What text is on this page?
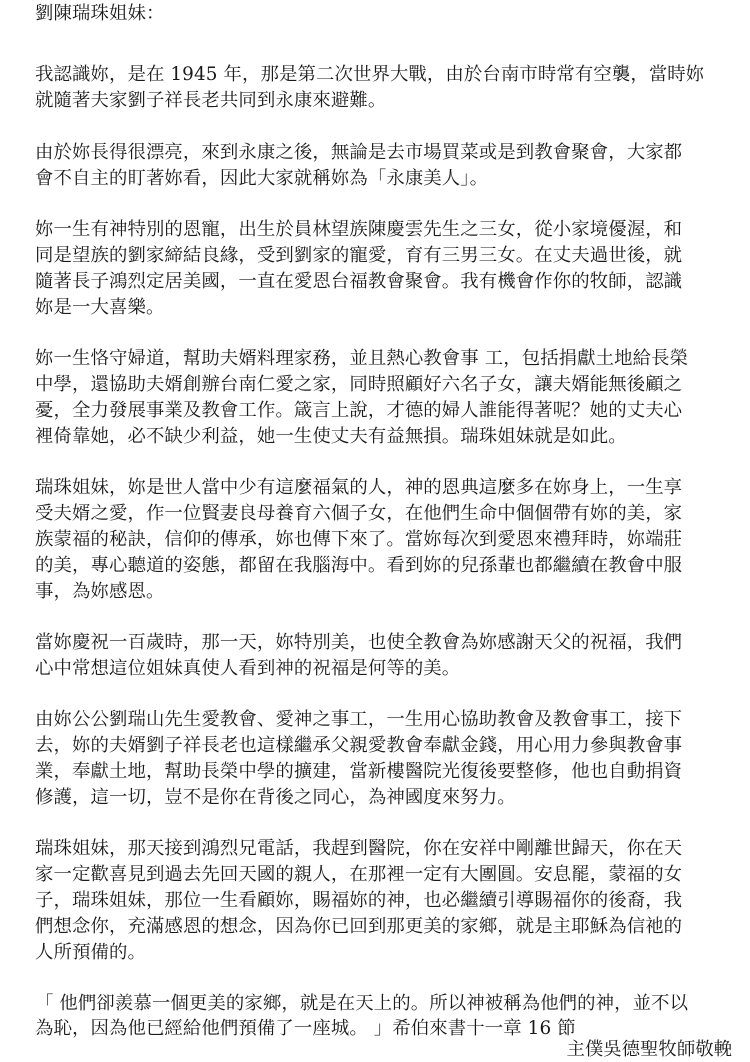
劉陳瑞珠姐妹：
我認識妳，是在 1945 年，那是第二次世界大戰，由於台南市時常有空襲，當時妳
就隨著夫家劉子祥長老共同到永康來避難。
由於妳長得很漂亮，來到永康之後，無論是去市場買菜或是到教會聚會，大家都
會不自主的盯著妳看，因此大家就稱妳為「永康美人」。
妳一生有神特別的恩寵，出生於員林望族陳慶雲先生之三女，從小家境優渥，和
同是望族的劉家締結良緣，受到劉家的寵愛，育有三男三女。在丈夫過世後，就
隨著長子鴻烈定居美國，一直在愛恩台福教會聚會。我有機會作你的牧師，認識
妳是一大喜樂。
妳一生恪守婦道，幫助夫婿料理家務，並且熱心教會事 工，包括捐獻土地給長榮
中學，還協助夫婿創辦台南仁愛之家，同時照顧好六名子女，讓夫婿能無後顧之
憂，全力發展事業及教會工作。箴言上說，才德的婦人誰能得著呢？她的丈夫心
裡倚靠她，必不缺少利益，她一生使丈夫有益無損。瑞珠姐妹就是如此。
瑞珠姐妹，妳是世人當中少有這麼福氣的人，神的恩典這麼多在妳身上，一生享
受夫婿之愛，作一位賢妻良母養育六個子女，在他們生命中個個帶有妳的美，家
族蒙福的秘訣，信仰的傳承，妳也傳下來了。當妳每次到愛恩來禮拜時，妳端莊
的美，專心聽道的姿態，都留在我腦海中。看到妳的兒孫輩也都繼續在教會中服
事，為妳感恩。
當妳慶祝一百歲時，那一天，妳特別美，也使全教會為妳感謝天父的祝福，我們
心中常想這位姐妹真使人看到神的祝福是何等的美。
由妳公公劉瑞山先生愛教會、愛神之事工，一生用心協助教會及教會事工，接下
去，妳的夫婿劉子祥長老也這樣繼承父親愛教會奉獻金錢，用心用力參與教會事
業，奉獻土地，幫助長榮中學的擴建，當新樓醫院光復後要整修，他也自動捐資
修護，這一切，豈不是你在背後之同心，為神國度來努力。
瑞珠姐妹，那天接到鴻烈兄電話，我趕到醫院，你在安祥中剛離世歸天，你在天
家一定歡喜見到過去先回天國的親人，在那裡一定有大團圓。安息罷，蒙福的女
子，瑞珠姐妹，那位一生看顧妳，賜福妳的神，也必繼續引導賜福你的後裔，我
們想念你，充滿感恩的想念，因為你已回到那更美的家鄉，就是主耶穌為信祂的
人所預備的。
「 他們卻羨慕一個更美的家鄉，就是在天上的。所以神被稱為他們的神，並不以
為恥，因為他已經給他們預備了一座城。 」希伯來書十一章 16 節
主僕吳德聖牧師敬輓
